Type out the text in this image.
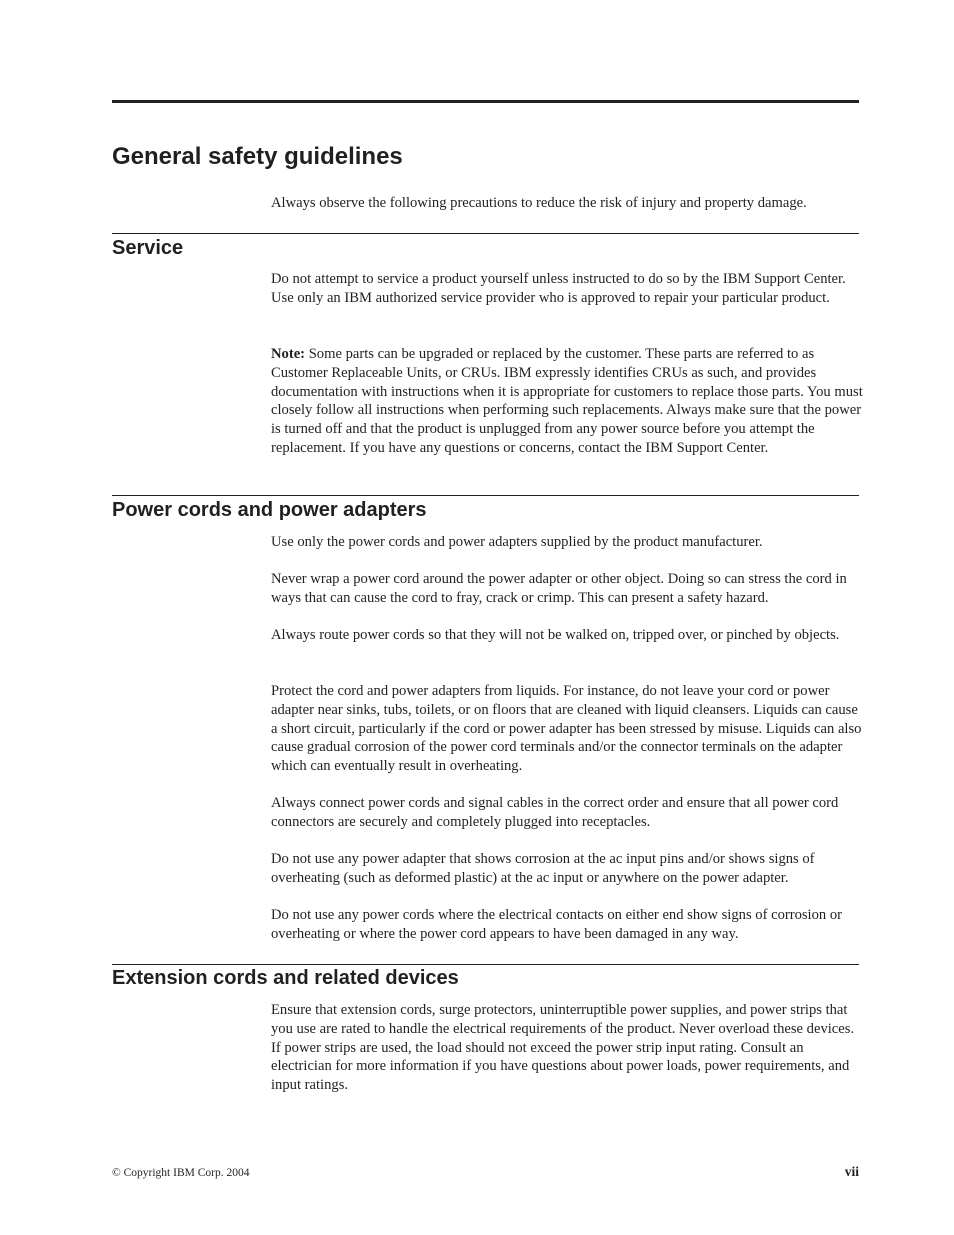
General safety guidelines

Always observe the following precautions to reduce the risk of injury and property damage.

Service

Do not attempt to service a product yourself unless instructed to do so by the IBM Support Center. Use only an IBM authorized service provider who is approved to repair your particular product.

Note: Some parts can be upgraded or replaced by the customer. These parts are referred to as Customer Replaceable Units, or CRUs. IBM expressly identifies CRUs as such, and provides documentation with instructions when it is appropriate for customers to replace those parts. You must closely follow all instructions when performing such replacements. Always make sure that the power is turned off and that the product is unplugged from any power source before you attempt the replacement. If you have any questions or concerns, contact the IBM Support Center.

Power cords and power adapters

Use only the power cords and power adapters supplied by the product manufacturer.

Never wrap a power cord around the power adapter or other object. Doing so can stress the cord in ways that can cause the cord to fray, crack or crimp. This can present a safety hazard.

Always route power cords so that they will not be walked on, tripped over, or pinched by objects.

Protect the cord and power adapters from liquids. For instance, do not leave your cord or power adapter near sinks, tubs, toilets, or on floors that are cleaned with liquid cleansers. Liquids can cause a short circuit, particularly if the cord or power adapter has been stressed by misuse. Liquids can also cause gradual corrosion of the power cord terminals and/or the connector terminals on the adapter which can eventually result in overheating.

Always connect power cords and signal cables in the correct order and ensure that all power cord connectors are securely and completely plugged into receptacles.

Do not use any power adapter that shows corrosion at the ac input pins and/or shows signs of overheating (such as deformed plastic) at the ac input or anywhere on the power adapter.

Do not use any power cords where the electrical contacts on either end show signs of corrosion or overheating or where the power cord appears to have been damaged in any way.

Extension cords and related devices

Ensure that extension cords, surge protectors, uninterruptible power supplies, and power strips that you use are rated to handle the electrical requirements of the product. Never overload these devices. If power strips are used, the load should not exceed the power strip input rating. Consult an electrician for more information if you have questions about power loads, power requirements, and input ratings.

© Copyright IBM Corp. 2004	vii
